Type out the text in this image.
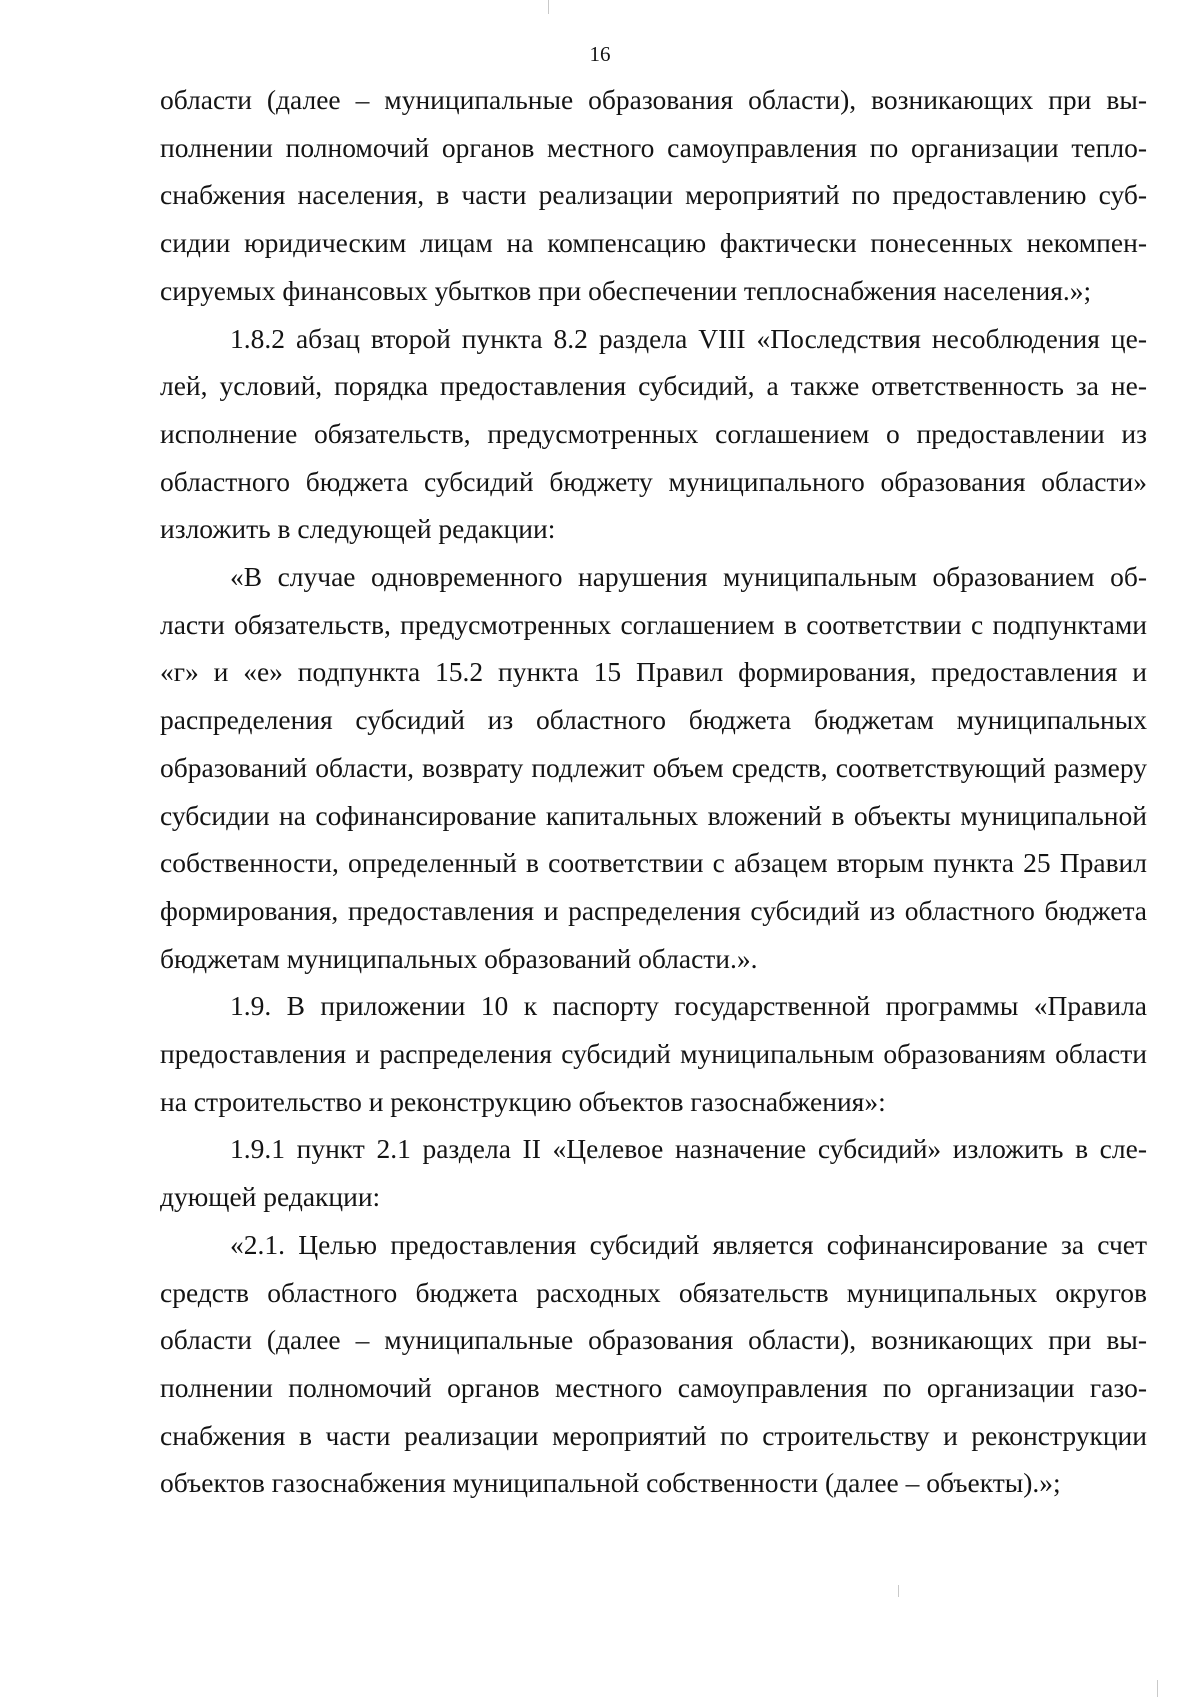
16

области (далее – муниципальные образования области), возникающих при выполнении полномочий органов местного самоуправления по организации теплоснабжения населения, в части реализации мероприятий по предоставлению субсидии юридическим лицам на компенсацию фактически понесенных некомпенсируемых финансовых убытков при обеспечении теплоснабжения населения.»;

1.8.2 абзац второй пункта 8.2 раздела VIII «Последствия несоблюдения целей, условий, порядка предоставления субсидий, а также ответственность за неисполнение обязательств, предусмотренных соглашением о предоставлении из областного бюджета субсидий бюджету муниципального образования области» изложить в следующей редакции:

«В случае одновременного нарушения муниципальным образованием области обязательств, предусмотренных соглашением в соответствии с подпунктами «г» и «е» подпункта 15.2 пункта 15 Правил формирования, предоставления и распределения субсидий из областного бюджета бюджетам муниципальных образований области, возврату подлежит объем средств, соответствующий размеру субсидии на софинансирование капитальных вложений в объекты муниципальной собственности, определенный в соответствии с абзацем вторым пункта 25 Правил формирования, предоставления и распределения субсидий из областного бюджета бюджетам муниципальных образований области.».

1.9. В приложении 10 к паспорту государственной программы «Правила предоставления и распределения субсидий муниципальным образованиям области на строительство и реконструкцию объектов газоснабжения»:

1.9.1 пункт 2.1 раздела II «Целевое назначение субсидий» изложить в следующей редакции:

«2.1. Целью предоставления субсидий является софинансирование за счет средств областного бюджета расходных обязательств муниципальных округов области (далее – муниципальные образования области), возникающих при выполнении полномочий органов местного самоуправления по организации газоснабжения в части реализации мероприятий по строительству и реконструкции объектов газоснабжения муниципальной собственности (далее – объекты).»;
